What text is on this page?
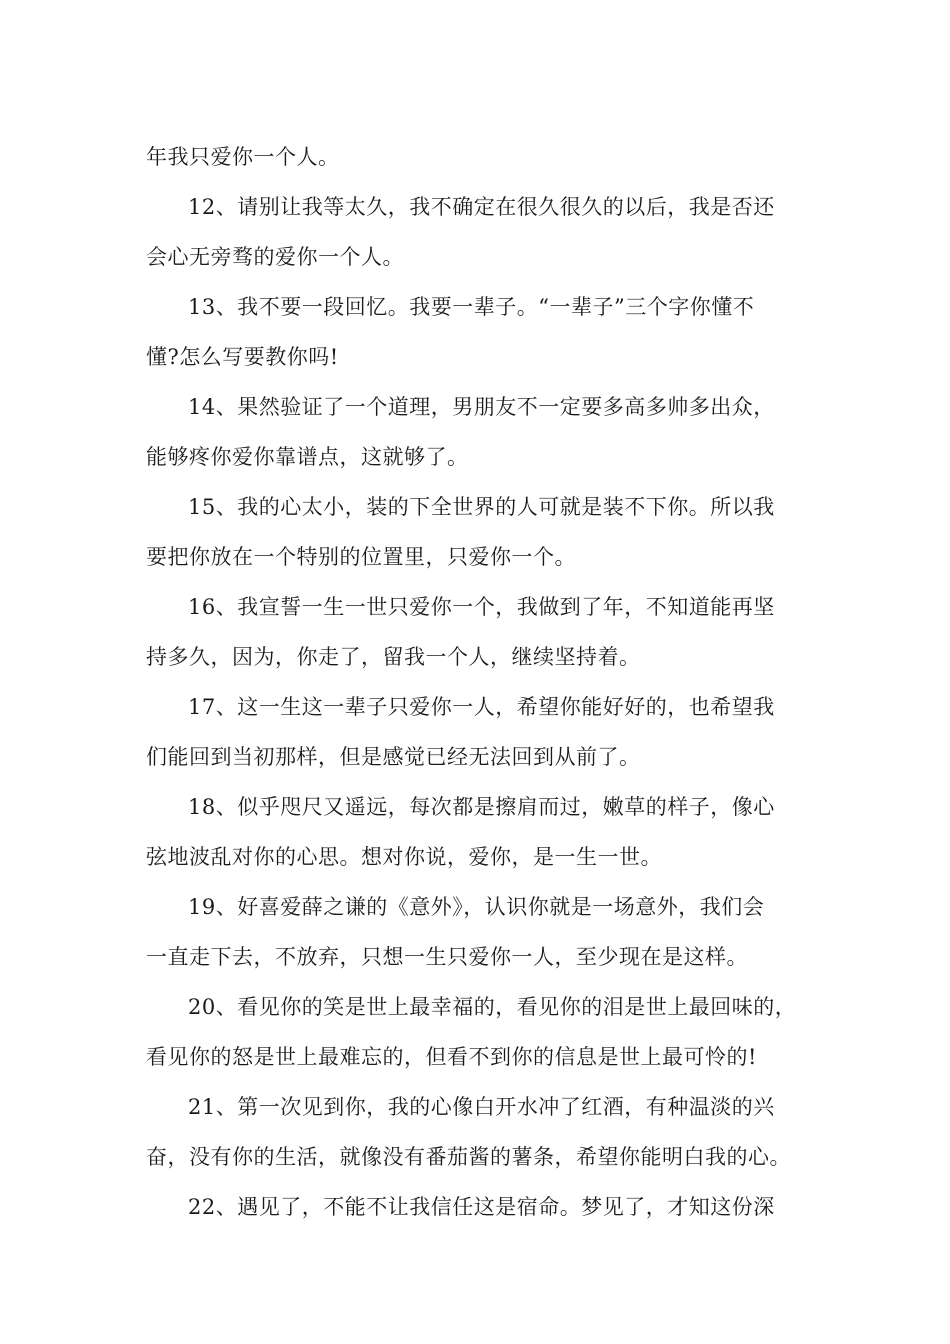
年我只爱你一个人。
12、请别让我等太久，我不确定在很久很久的以后，我是否还
会心无旁骛的爱你一个人。
13、我不要一段回忆。我要一辈子。“一辈子”三个字你懂不
懂?怎么写要教你吗!
14、果然验证了一个道理，男朋友不一定要多高多帅多出众，
能够疼你爱你靠谱点，这就够了。
15、我的心太小，装的下全世界的人可就是装不下你。所以我
要把你放在一个特别的位置里，只爱你一个。
16、我宣誓一生一世只爱你一个，我做到了年，不知道能再坚
持多久，因为，你走了，留我一个人，继续坚持着。
17、这一生这一辈子只爱你一人，希望你能好好的，也希望我
们能回到当初那样，但是感觉已经无法回到从前了。
18、似乎咫尺又遥远，每次都是擦肩而过，嫩草的样子，像心
弦地波乱对你的心思。想对你说，爱你，是一生一世。
19、好喜爱薛之谦的《意外》，认识你就是一场意外，我们会
一直走下去，不放弃，只想一生只爱你一人，至少现在是这样。
20、看见你的笑是世上最幸福的，看见你的泪是世上最回味的，
看见你的怒是世上最难忘的，但看不到你的信息是世上最可怜的!
21、第一次见到你，我的心像白开水冲了红酒，有种温淡的兴
奋，没有你的生活，就像没有番茄酱的薯条，希望你能明白我的心。
22、遇见了，不能不让我信任这是宿命。梦见了，才知这份深
